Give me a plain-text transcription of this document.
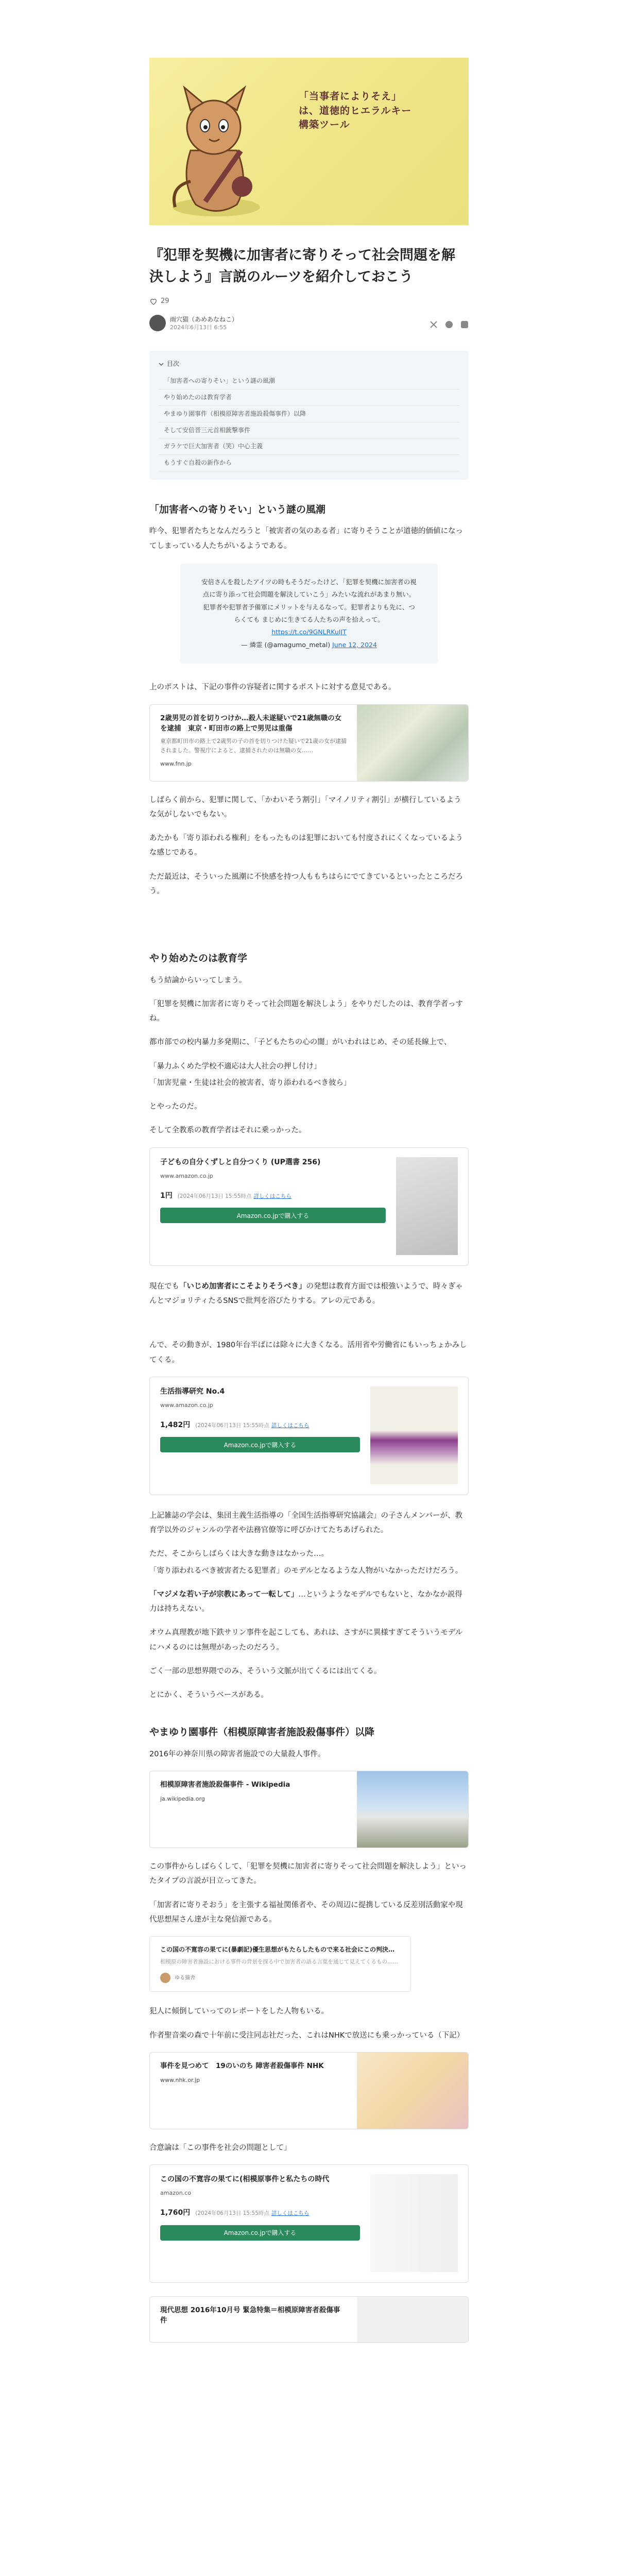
「当事者によりそえ」
は、道徳的ヒエラルキー
構築ツール
『犯罪を契機に加害者に寄りそって社会問題を解決しよう』言説のルーツを紹介しておこう
29
雨穴猫（あめあなねこ）
2024年6月13日 6:55
目次
「加害者への寄りそい」という謎の風潮
やり始めたのは教育学者
やまゆり園事件（相模原障害者施設殺傷事件）以降
そして安倍晋三元首相銃撃事件
ガラケで巨大加害者（笑）中心主義
もうすぐ自殺の新作から
「加害者への寄りそい」という謎の風潮

昨今、犯罪者たちとなんだろうと「被害者の気のある者」に寄りそうことが道徳的価値になってしまっている人たちがいるようである。

安倍さんを殺したアイツの時もそうだったけど、「犯罪を契機に加害者の視点に寄り添って社会問題を解決していこう」みたいな流れがあまり無い。犯罪者や犯罪者予備軍にメリットを与えるなって。犯罪者よりも先に、つらくても まじめに生きてる人たちの声を拾えって。
https://t.co/9GNLRKuIJT
— 燐霊 (@amagumo_metal) June 12, 2024

上のポストは、下記の事件の容疑者に関するポストに対する意見である。

2歳男児の首を切りつけか…殺人未遂疑いで21歳無職の女を逮捕　東京・町田市の路上で男児は重傷
東京都町田市の路上で2歳男の子の首を切りつけた疑いで21歳の女が逮捕されました。警視庁によると、逮捕されたのは無職の女……
www.fnn.jp

しばらく前から、犯罪に関して、「かわいそう割引」「マイノリティ割引」が横行しているような気がしないでもない。

あたかも「寄り添われる権利」をもったものは犯罪においても忖度されにくくなっているような感じである。

ただ最近は、そういった風潮に不快感を持つ人ももちはらにでてきているといったところだろう。

やり始めたのは教育学

もう結論からいってしまう。

「犯罪を契機に加害者に寄りそって社会問題を解決しよう」をやりだしたのは、教育学者っすね。

都市部での校内暴力多発期に、「子どもたちの心の闇」がいわれはじめ、その延長線上で、

「暴力ふくめた学校不適応は大人社会の押し付け」

「加害児童・生徒は社会的被害者、寄り添われるべき彼ら」

とやったのだ。

そして全教系の教育学者はそれに乗っかった。

子どもの自分くずしと自分つくり (UP選書 256)
www.amazon.co.jp
1円 (2024年06月13日 15:55時点 詳しくはこちら
Amazon.co.jpで購入する

現在でも「いじめ加害者にこそよりそうべき」の発想は教育方面では根強いようで、時々ぎゃんとマジョリティたるSNSで批判を浴びたりする。アレの元である。

んで、その動きが、1980年台半ばには除々に大きくなる。活用省や労働省にもいっちょかみしてくる。

生活指導研究 No.4
www.amazon.co.jp
1,482円 (2024年06月13日 15:55時点 詳しくはこちら
Amazon.co.jpで購入する

上記雑誌の学会は、集団主義生活指導の「全国生活指導研究協議会」の子さんメンバーが、教育学以外のジャンルの学者や法務官僚等に呼びかけてたちあげられた。

ただ、そこからしばらくは大きな動きはなかった…。

「寄り添われるべき被害者たる犯罪者」のモデルとなるような人物がいなかっただけだろう。

「マジメな若い子が宗教にあって一転して」…というようなモデルでもないと、なかなか説得力は持ちえない。

オウム真理教が地下鉄サリン事件を起こしても、あれは、さすがに異様すぎてそういうモデルにハメるのには無理があったのだろう。

ごく一部の思想界隈でのみ、そういう文脈が出てくるには出てくる。

とにかく、そういうベースがある。

やまゆり園事件（相模原障害者施設殺傷事件）以降

2016年の神奈川県の障害者施設での大量殺人事件。

相模原障害者施設殺傷事件 - Wikipedia
ja.wikipedia.org

この事件からしばらくして、「犯罪を契機に加害者に寄りそって社会問題を解決しよう」といったタイプの言説が目立ってきた。

「加害者に寄りそおう」を主張する福祉関係者や、その周辺に提携している反差別活動家や現代思想屋さん達が主な発信源である。

この国の不寛容の果てに(暴劇記)優生思想がもたらしたもので来る社会にこの判決…
相模原の障害者施設における事件の背景を探る中で加害者の語る言葉を通じて見えてくるもの……
ゆる猫舎

犯人に傾倒していってのレポートをした人物もいる。

作者聖音楽の森で十年前に受注同志社だった、これはNHKで放送にも乗っかっている（下記）

事件を見つめて　19のいのち 障害者殺傷事件 NHK
www.nhk.or.jp

合意論は「この事件を社会の問題として」

この国の不寛容の果てに(相模原事件と私たちの時代
amazon.co
1,760円 (2024年06月13日 15:55時点 詳しくはこちら
Amazon.co.jpで購入する
現代思想 2016年10月号 緊急特集＝相模原障害者殺傷事件
